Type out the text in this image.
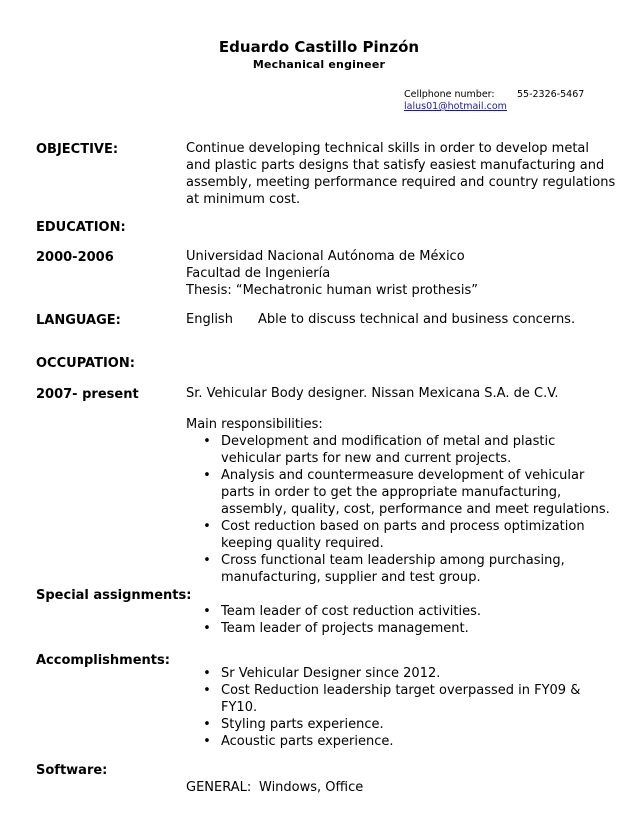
Eduardo Castillo Pinzón
Mechanical engineer
Cellphone number: 55-2326-5467
lalus01@hotmail.com
OBJECTIVE:	Continue developing technical skills in order to develop metal

and plastic parts designs that satisfy easiest manufacturing and

assembly, meeting performance required and country regulations

at minimum cost.

EDUCATION:
2000-2006	Universidad Nacional Autónoma de México

Facultad de Ingeniería

Thesis: “Mechatronic human wrist prothesis”

LANGUAGE:	English Able to discuss technical and business concerns.
OCCUPATION:
2007- present	Sr. Vehicular Body designer. Nissan Mexicana S.A. de C.V.
Main responsibilities:
• Development and modification of metal and plastic
vehicular parts for new and current projects.
• Analysis and countermeasure development of vehicular
parts in order to get the appropriate manufacturing,
assembly, quality, cost, performance and meet regulations.
• Cost reduction based on parts and process optimization
keeping quality required.
• Cross functional team leadership among purchasing,
manufacturing, supplier and test group.
Special assignments:
• Team leader of cost reduction activities.
• Team leader of projects management.
Accomplishments:
• Sr Vehicular Designer since 2012.
• Cost Reduction leadership target overpassed in FY09 &
FY10.
• Styling parts experience.
• Acoustic parts experience.
Software:
GENERAL: Windows, Office
